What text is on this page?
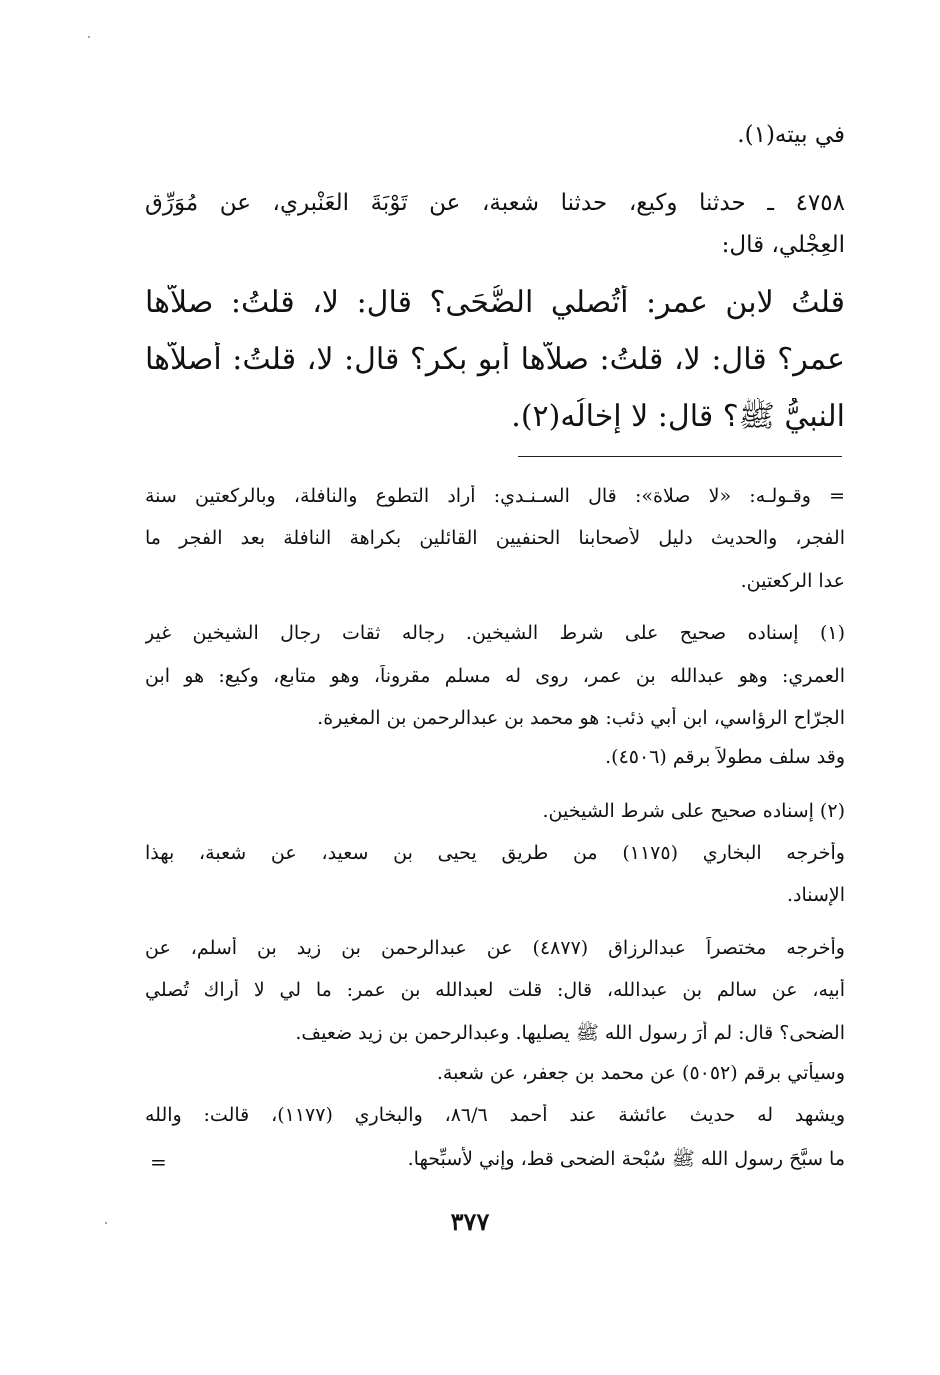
في بيته(١).
٤٧٥٨ ـ حدثنا وكيع، حدثنا شعبة، عن تَوْبَةَ العَنْبري، عن مُوَرِّقٍ
العِجْلي، قال:
قلتُ لابن عمر: أتُصلي الضُّحَى؟ قال: لا، قلتُ: صلاَّها
عمر؟ قال: لا، قلتُ: صلاَّها أبو بكر؟ قال: لا، قلتُ: أصلاَّها
النبيُّ ﷺ؟ قال: لا إخالُه(٢).
= وقـولـه: «لا صلاة»: قال السـنـدي: أراد التطوع والنافلة، وبالركعتين سنة
الفجر، والحديث دليل لأصحابنا الحنفيين القائلين بكراهة النافلة بعد الفجر ما
عدا الركعتين.
(١) إسناده صحيح على شرط الشيخين. رجاله ثقات رجال الشيخين غير
العمري: وهو عبدالله بن عمر، روى له مسلم مقروناً، وهو متابع، وكيع: هو ابن
الجرّاح الرؤاسي، ابن أبي ذئب: هو محمد بن عبدالرحمن بن المغيرة.
وقد سلف مطولاً برقم (٤٥٠٦).
(٢) إسناده صحيح على شرط الشيخين.
وأخرجه البخاري (١١٧٥) من طريق يحيى بن سعيد، عن شعبة، بهذا
الإسناد.
وأخرجه مختصراً عبدالرزاق (٤٨٧٧) عن عبدالرحمن بن زيد بن أسلم، عن
أبيه، عن سالم بن عبدالله، قال: قلت لعبدالله بن عمر: ما لي لا أراك تُصلي
الضحى؟ قال: لم أرَ رسول الله ﷺ يصليها. وعبدالرحمن بن زيد ضعيف.
وسيأتي برقم (٥٠٥٢) عن محمد بن جعفر، عن شعبة.
ويشهد له حديث عائشة عند أحمد ٨٦/٦، والبخاري (١١٧٧)، قالت: والله
ما سبَّحَ رسول الله ﷺ سُبْحة الضحى قط، وإني لأُسبِّحها.
=
٣٧٧
